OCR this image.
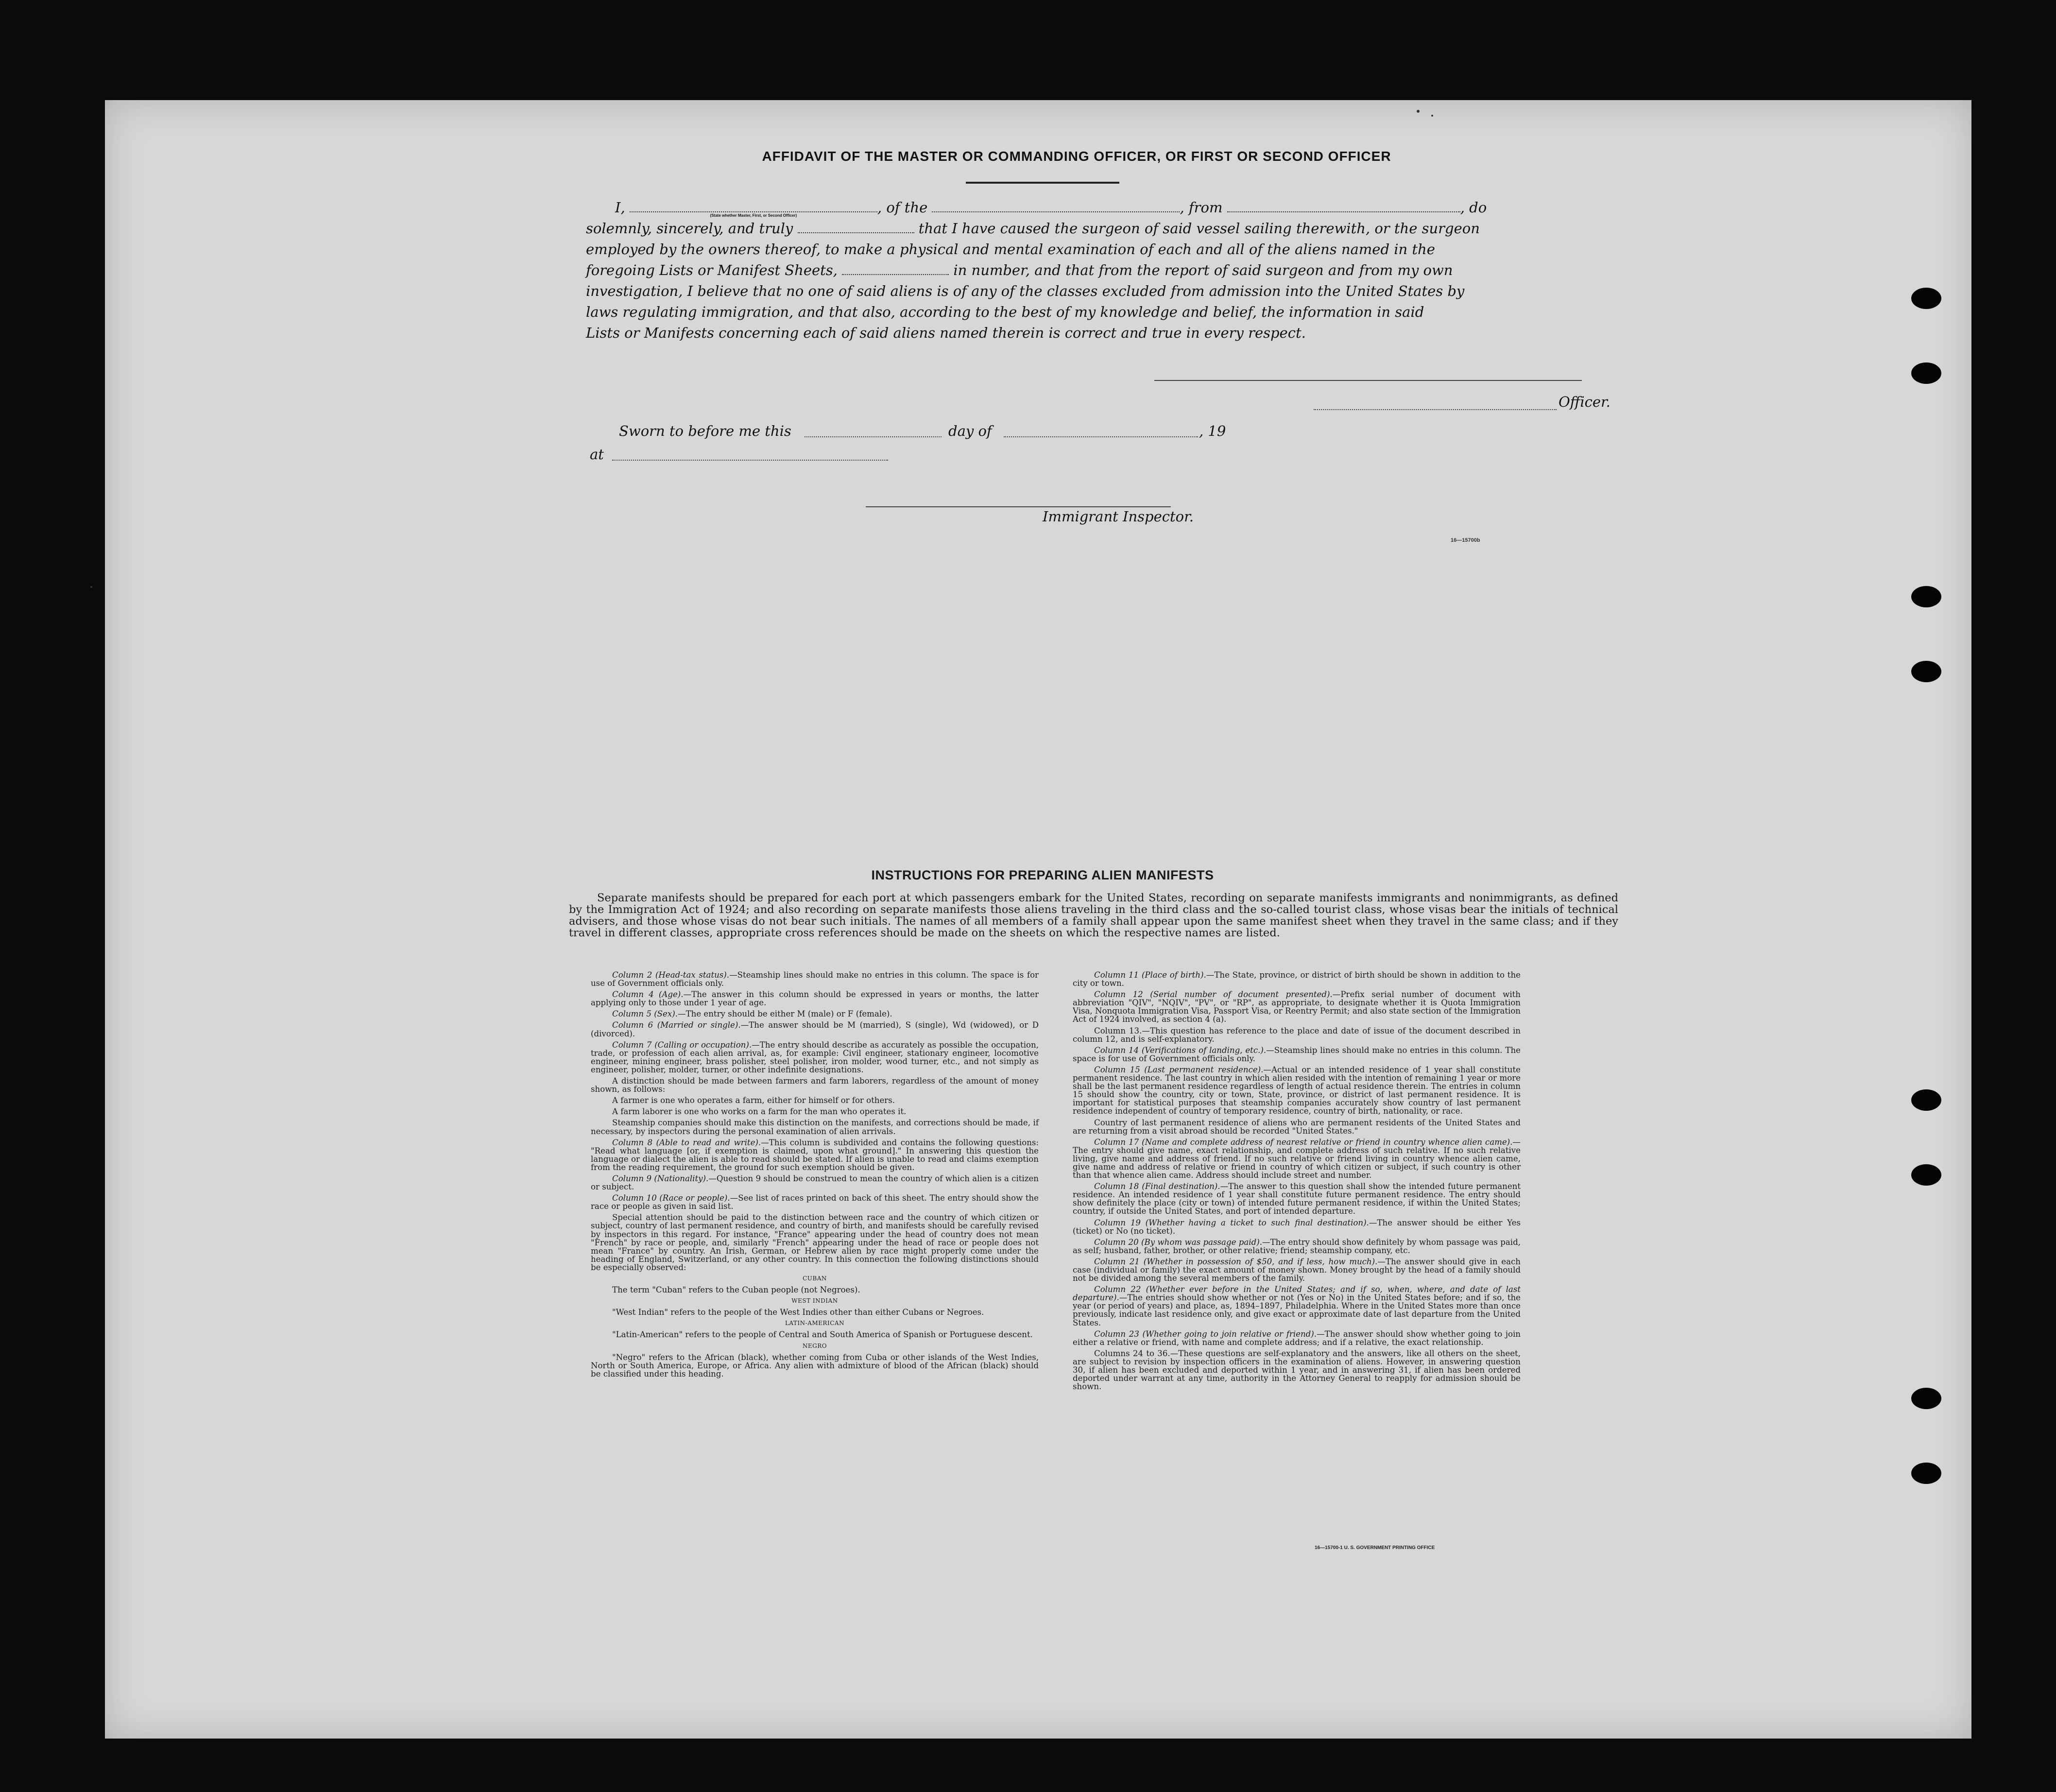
AFFIDAVIT OF THE MASTER OR COMMANDING OFFICER, OR FIRST OR SECOND OFFICER
I,	(State whether Master, First, or Second Officer)	, of the	, from	, do
solemnly, sincerely, and truly	that I have caused the surgeon of said vessel sailing therewith, or the surgeon
employed by the owners thereof, to make a physical and mental examination of each and all of the aliens named in the
foregoing Lists or Manifest Sheets,	in number, and that from the report of said surgeon and from my own
investigation, I believe that no one of said aliens is of any of the classes excluded from admission into the United States by
laws regulating immigration, and that also, according to the best of my knowledge and belief, the information in said
Lists or Manifests concerning each of said aliens named therein is correct and true in every respect.
Officer.
Sworn to before me this	day of	, 19
at
Immigrant Inspector.
16—15700b
INSTRUCTIONS FOR PREPARING ALIEN MANIFESTS
Separate manifests should be prepared for each port at which passengers embark for the United States, recording on separate manifests immigrants and nonimmigrants, as defined by the Immigration Act of 1924; and also recording on separate manifests those aliens traveling in the third class and the so-called tourist class, whose visas bear the initials of technical advisers, and those whose visas do not bear such initials. The names of all members of a family shall appear upon the same manifest sheet when they travel in the same class; and if they travel in different classes, appropriate cross references should be made on the sheets on which the respective names are listed.

Column 2 (Head-tax status).—Steamship lines should make no entries in this column. The space is for use of Government officials only.

Column 4 (Age).—The answer in this column should be expressed in years or months, the latter applying only to those under 1 year of age.

Column 5 (Sex).—The entry should be either M (male) or F (female).

Column 6 (Married or single).—The answer should be M (married), S (single), Wd (widowed), or D (divorced).

Column 7 (Calling or occupation).—The entry should describe as accurately as possible the occupation, trade, or profession of each alien arrival, as, for example: Civil engineer, stationary engineer, locomotive engineer, mining engineer, brass polisher, steel polisher, iron molder, wood turner, etc., and not simply as engineer, polisher, molder, turner, or other indefinite designations.

A distinction should be made between farmers and farm laborers, regardless of the amount of money shown, as follows:

A farmer is one who operates a farm, either for himself or for others.

A farm laborer is one who works on a farm for the man who operates it.

Steamship companies should make this distinction on the manifests, and corrections should be made, if necessary, by inspectors during the personal examination of alien arrivals.

Column 8 (Able to read and write).—This column is subdivided and contains the following questions: "Read what language [or, if exemption is claimed, upon what ground]." In answering this question the language or dialect the alien is able to read should be stated. If alien is unable to read and claims exemption from the reading requirement, the ground for such exemption should be given.

Column 9 (Nationality).—Question 9 should be construed to mean the country of which alien is a citizen or subject.

Column 10 (Race or people).—See list of races printed on back of this sheet. The entry should show the race or people as given in said list.

Special attention should be paid to the distinction between race and the country of which citizen or subject, country of last permanent residence, and country of birth, and manifests should be carefully revised by inspectors in this regard. For instance, "France" appearing under the head of country does not mean "French" by race or people, and, similarly "French" appearing under the head of race or people does not mean "France" by country. An Irish, German, or Hebrew alien by race might properly come under the heading of England, Switzerland, or any other country. In this connection the following distinctions should be especially observed:

CUBAN

The term "Cuban" refers to the Cuban people (not Negroes).

WEST INDIAN

"West Indian" refers to the people of the West Indies other than either Cubans or Negroes.

LATIN-AMERICAN

"Latin-American" refers to the people of Central and South America of Spanish or Portuguese descent.

NEGRO

"Negro" refers to the African (black), whether coming from Cuba or other islands of the West Indies, North or South America, Europe, or Africa. Any alien with admixture of blood of the African (black) should be classified under this heading.

Column 11 (Place of birth).—The State, province, or district of birth should be shown in addition to the city or town.

Column 12 (Serial number of document presented).—Prefix serial number of document with abbreviation "QIV", "NQIV", "PV", or "RP", as appropriate, to designate whether it is Quota Immigration Visa, Nonquota Immigration Visa, Passport Visa, or Reentry Permit; and also state section of the Immigration Act of 1924 involved, as section 4 (a).

Column 13.—This question has reference to the place and date of issue of the document described in column 12, and is self-explanatory.

Column 14 (Verifications of landing, etc.).—Steamship lines should make no entries in this column. The space is for use of Government officials only.

Column 15 (Last permanent residence).—Actual or an intended residence of 1 year shall constitute permanent residence. The last country in which alien resided with the intention of remaining 1 year or more shall be the last permanent residence regardless of length of actual residence therein. The entries in column 15 should show the country, city or town, State, province, or district of last permanent residence. It is important for statistical purposes that steamship companies accurately show country of last permanent residence independent of country of temporary residence, country of birth, nationality, or race.

Country of last permanent residence of aliens who are permanent residents of the United States and are returning from a visit abroad should be recorded "United States."

Column 17 (Name and complete address of nearest relative or friend in country whence alien came).—The entry should give name, exact relationship, and complete address of such relative. If no such relative living, give name and address of friend. If no such relative or friend living in country whence alien came, give name and address of relative or friend in country of which citizen or subject, if such country is other than that whence alien came. Address should include street and number.

Column 18 (Final destination).—The answer to this question shall show the intended future permanent residence. An intended residence of 1 year shall constitute future permanent residence. The entry should show definitely the place (city or town) of intended future permanent residence, if within the United States; country, if outside the United States, and port of intended departure.

Column 19 (Whether having a ticket to such final destination).—The answer should be either Yes (ticket) or No (no ticket).

Column 20 (By whom was passage paid).—The entry should show definitely by whom passage was paid, as self; husband, father, brother, or other relative; friend; steamship company, etc.

Column 21 (Whether in possession of $50, and if less, how much).—The answer should give in each case (individual or family) the exact amount of money shown. Money brought by the head of a family should not be divided among the several members of the family.

Column 22 (Whether ever before in the United States; and if so, when, where, and date of last departure).—The entries should show whether or not (Yes or No) in the United States before; and if so, the year (or period of years) and place, as, 1894–1897, Philadelphia. Where in the United States more than once previously, indicate last residence only, and give exact or approximate date of last departure from the United States.

Column 23 (Whether going to join relative or friend).—The answer should show whether going to join either a relative or friend, with name and complete address; and if a relative, the exact relationship.

Columns 24 to 36.—These questions are self-explanatory and the answers, like all others on the sheet, are subject to revision by inspection officers in the examination of aliens. However, in answering question 30, if alien has been excluded and deported within 1 year, and in answering 31, if alien has been ordered deported under warrant at any time, authority in the Attorney General to reapply for admission should be shown.

16—15700-1 U. S. GOVERNMENT PRINTING OFFICE
